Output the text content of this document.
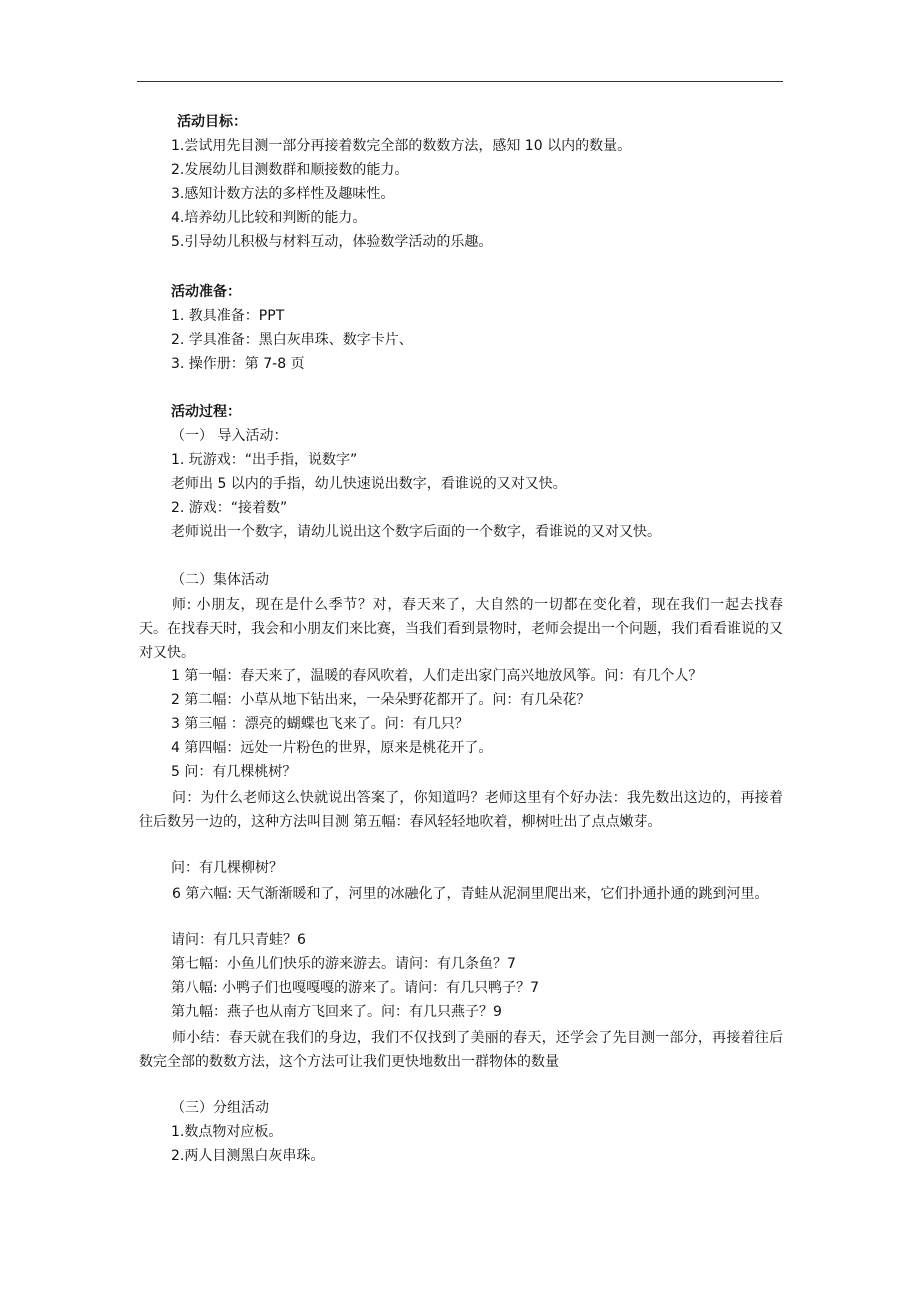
活动目标：
1.尝试用先目测一部分再接着数完全部的数数方法，感知 10 以内的数量。
2.发展幼儿目测数群和顺接数的能力。
3.感知计数方法的多样性及趣味性。
4.培养幼儿比较和判断的能力。
5.引导幼儿积极与材料互动，体验数学活动的乐趣。
活动准备：
1. 教具准备：PPT
2. 学具准备：黑白灰串珠、数字卡片、
3. 操作册：第 7-8 页
活动过程：
（一） 导入活动：
1. 玩游戏：“出手指，说数字”
老师出 5 以内的手指，幼儿快速说出数字，看谁说的又对又快。
2. 游戏：“接着数”
老师说出一个数字，请幼儿说出这个数字后面的一个数字，看谁说的又对又快。
（二）集体活动
师: 小朋友，现在是什么季节？对，春天来了，大自然的一切都在变化着，现在我们一起去找春天。在找春天时，我会和小朋友们来比赛，当我们看到景物时，老师会提出一个问题，我们看看谁说的又对又快。
1 第一幅：春天来了，温暖的春风吹着，人们走出家门高兴地放风筝。问：有几个人？
2 第二幅：小草从地下钻出来，一朵朵野花都开了。问：有几朵花？
3 第三幅 ：漂亮的蝴蝶也飞来了。问：有几只？
4 第四幅：远处一片粉色的世界，原来是桃花开了。
5 问：有几棵桃树？
问：为什么老师这么快就说出答案了，你知道吗？老师这里有个好办法：我先数出这边的，再接着往后数另一边的，这种方法叫目测 第五幅：春风轻轻地吹着，柳树吐出了点点嫩芽。
问：有几棵柳树？
6 第六幅: 天气渐渐暖和了，河里的冰融化了，青蛙从泥洞里爬出来，它们扑通扑通的跳到河里。
请问：有几只青蛙？6
第七幅：小鱼儿们快乐的游来游去。请问：有几条鱼？7
第八幅: 小鸭子们也嘎嘎嘎的游来了。请问：有几只鸭子？7
第九幅：燕子也从南方飞回来了。问：有几只燕子？9
师小结：春天就在我们的身边，我们不仅找到了美丽的春天，还学会了先目测一部分，再接着往后数完全部的数数方法，这个方法可让我们更快地数出一群物体的数量
（三）分组活动
1.数点物对应板。
2.两人目测黑白灰串珠。
